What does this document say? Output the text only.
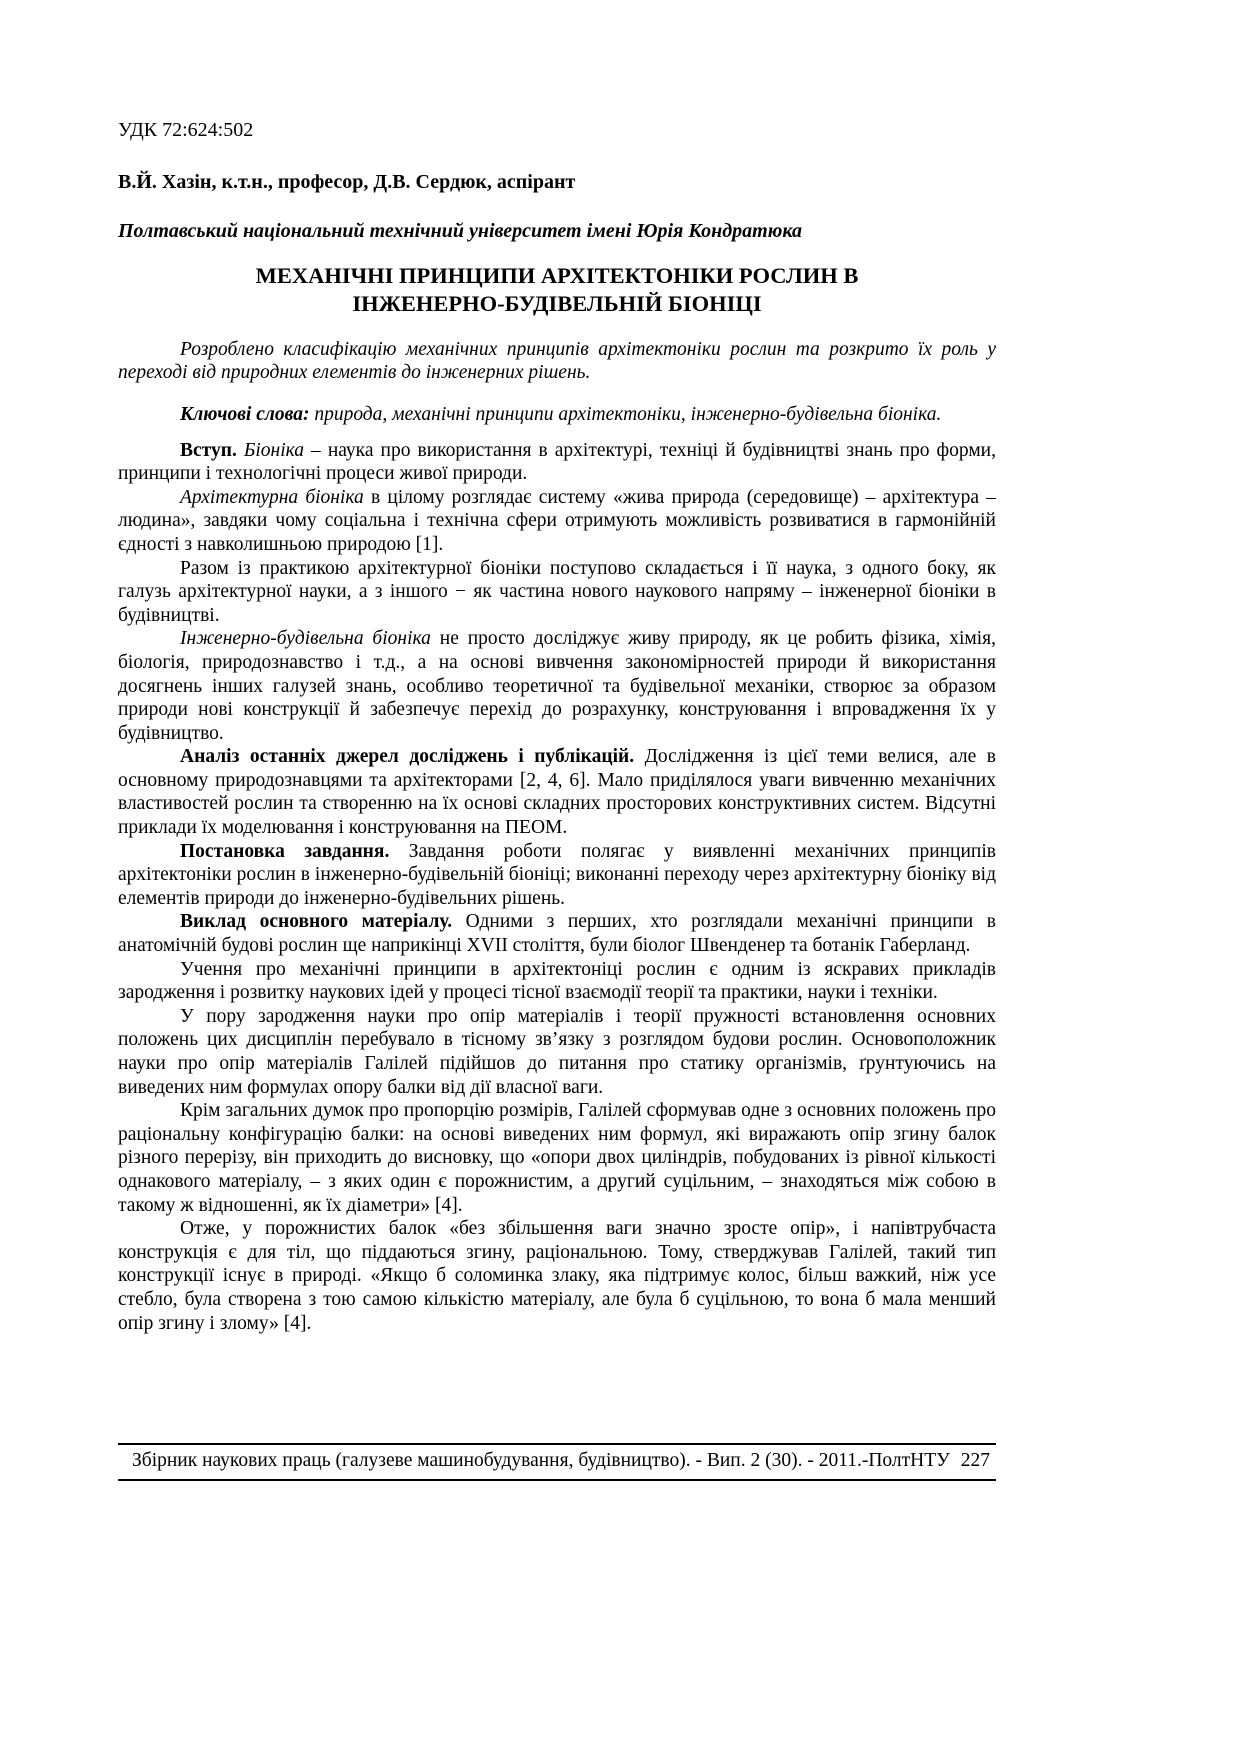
УДК 72:624:502

В.Й. Хазін, к.т.н., професор, Д.В. Сердюк, аспірант

Полтавський національний технічний університет імені Юрія Кондратюка

МЕХАНІЧНІ ПРИНЦИПИ АРХІТЕКТОНІКИ РОСЛИН В
ІНЖЕНЕРНО-БУДІВЕЛЬНІЙ БІОНІЦІ

Розроблено класифікацію механічних принципів архітектоніки рослин та розкрито їх роль у переході від природних елементів до інженерних рішень.

Ключові слова: природа, механічні принципи архітектоніки, інженерно-будівельна біоніка.

Вступ. Біоніка – наука про використання в архітектурі, техніці й будівництві знань про форми, принципи і технологічні процеси живої природи.

Архітектурна біоніка в цілому розглядає систему «жива природа (середовище) – архітектура – людина», завдяки чому соціальна і технічна сфери отримують можливість розвиватися в гармонійній єдності з навколишньою природою [1].

Разом із практикою архітектурної біоніки поступово складається і її наука, з одного боку, як галузь архітектурної науки, а з іншого − як частина нового наукового напряму – інженерної біоніки в будівництві.

Інженерно-будівельна біоніка не просто досліджує живу природу, як це робить фізика, хімія, біологія, природознавство і т.д., а на основі вивчення закономірностей природи й використання досягнень інших галузей знань, особливо теоретичної та будівельної механіки, створює за образом природи нові конструкції й забезпечує перехід до розрахунку, конструювання і впровадження їх у будівництво.

Аналіз останніх джерел досліджень і публікацій. Дослідження із цієї теми велися, але в основному природознавцями та архітекторами [2, 4, 6]. Мало приділялося уваги вивченню механічних властивостей рослин та створенню на їх основі складних просторових конструктивних систем. Відсутні приклади їх моделювання і конструювання на ПЕОМ.

Постановка завдання. Завдання роботи полягає у виявленні механічних принципів архітектоніки рослин в інженерно-будівельній біоніці; виконанні переходу через архітектурну біоніку від елементів природи до інженерно-будівельних рішень.

Виклад основного матеріалу. Одними з перших, хто розглядали механічні принципи в анатомічній будові рослин ще наприкінці XVII століття, були біолог Швенденер та ботанік Габерланд.

Учення про механічні принципи в архітектоніці рослин є одним із яскравих прикладів зародження і розвитку наукових ідей у процесі тісної взаємодії теорії та практики, науки і техніки.

У пору зародження науки про опір матеріалів і теорії пружності встановлення основних положень цих дисциплін перебувало в тісному зв’язку з розглядом будови рослин. Основоположник науки про опір матеріалів Галілей підійшов до питання про статику організмів, ґрунтуючись на виведених ним формулах опору балки від дії власної ваги.

Крім загальних думок про пропорцію розмірів, Галілей сформував одне з основних положень про раціональну конфігурацію балки: на основі виведених ним формул, які виражають опір згину балок різного перерізу, він приходить до висновку, що «опори двох циліндрів, побудованих із рівної кількості однакового матеріалу, – з яких один є порожнистим, а другий суцільним, – знаходяться між собою в такому ж відношенні, як їх діаметри» [4].

Отже, у порожнистих балок «без збільшення ваги значно зросте опір», і напівтрубчаста конструкція є для тіл, що піддаються згину, раціональною. Тому, стверджував Галілей, такий тип конструкції існує в природі. «Якщо б соломинка злаку, яка підтримує колос, більш важкий, ніж усе стебло, була створена з тою самою кількістю матеріалу, але була б суцільною, то вона б мала менший опір згину і злому» [4].

Збірник наукових праць (галузеве машинобудування, будівництво). - Вип. 2 (30). - 2011.-ПолтНТУ 227
